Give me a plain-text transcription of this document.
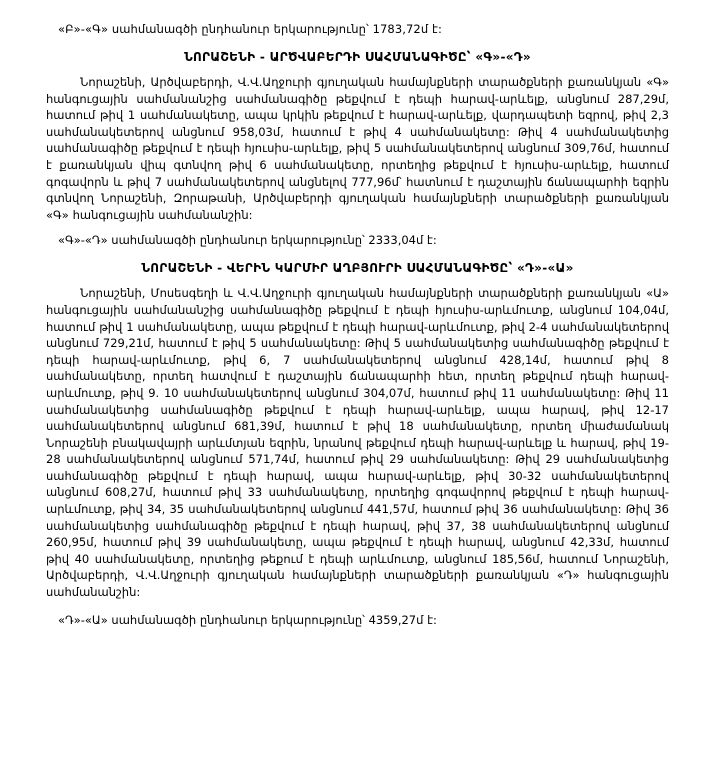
«Բ»-«Գ» սահմանագծի ընդհանուր երկարությունը՝ 1783,72մ է:

ՆՈՐԱՇԵՆԻ - ԱՐԾՎԱԲԵՐԴԻ ՍԱՀՄԱՆԱԳԻԾԸ՝ «Գ»-«Դ»

Նորաշենի, Արծվաբերդի, Վ.Վ.Աղջուրի գյուղական համայնքների տարածքների քառանկյան «Գ» հանգուցային սահմանանշից սահմանագիծը թեքվում է դեպի հարավ-արևելք, անցնում 287,29մ, հատում թիվ 1 սահմանակետը, ապա կրկին թեքվում է հարավ-արևելք, վարդապետի եզրով, թիվ 2,3 սահմանակետերով անցնում 958,03մ, հատում է թիվ 4 սահմանակետը: Թիվ 4 սահմանակետից սահմանագիծը թեքվում է դեպի հյուսիս-արևելք, թիվ 5 սահմանակետերով անցնում 309,76մ, հատում է քառանկյան վիպ գտնվող թիվ 6 սահմանակետը, որտեղից թեքվում է հյուսիս-արևելք, հատում գոգավորն և թիվ 7 սահմանակետերով անցնելով 777,96մ՝ հատնում է դաշտային ճանապարհի եզրին գտնվող Նորաշենի, Զորաթանի, Արծվաբերդի գյուղական համայնքների տարածքների քառանկյան «Գ» հանգուցային սահմանանշին:

«Գ»-«Դ» սահմանագծի ընդհանուր երկարությունը՝ 2333,04մ է:

ՆՈՐԱՇԵՆԻ - ՎԵՐԻՆ ԿԱՐՄԻՐ ԱՂԲՅՈՒՐԻ ՍԱՀՄԱՆԱԳԻԾԸ՝ «Դ»-«Ա»

Նորաշենի, Մոսեսգեղի և Վ.Վ.Աղջուրի գյուղական համայնքների տարածքների քառանկյան «Ա» հանգուցային սահմանանշից սահմանագիծը թեքվում է դեպի հյուսիս-արևմուտք, անցնում 104,04մ, հատում թիվ 1 սահմանակետը, ապա թեքվում է դեպի հարավ-արևմուտք, թիվ 2-4 սահմանակետերով անցնում 729,21մ, հատում է թիվ 5 սահմանակետը: Թիվ 5 սահմանակետից սահմանագիծը թեքվում է դեպի հարավ-արևմուտք, թիվ 6, 7 սահմանակետերով անցնում 428,14մ, հատում թիվ 8 սահմանակետը, որտեղ հատվում է դաշտային ճանապարհի հետ, որտեղ թեքվում դեպի հարավ-արևմուտք, թիվ 9. 10 սահմանակետերով անցնում 304,07մ, հատում թիվ 11 սահմանակետը: Թիվ 11 սահմանակետից սահմանագիծը թեքվում է դեպի հարավ-արևելք, ապա հարավ, թիվ 12-17 սահմանակետերով անցնում 681,39մ, հատում է թիվ 18 սահմանակետը, որտեղ միաժամանակ Նորաշենի բնակավայրի արևմտյան եզրին, նրանով թեքվում դեպի հարավ-արևելք և հարավ, թիվ 19-28 սահմանակետերով անցնում 571,74մ, հատում թիվ 29 սահմանակետը: Թիվ 29 սահմանակետից սահմանագիծը թեքվում է դեպի հարավ, ապա հարավ-արևելք, թիվ 30-32 սահմանակետերով անցնում 608,27մ, հատում թիվ 33 սահմանակետը, որտեղից գոգավորով թեքվում է դեպի հարավ-արևմուտք, թիվ 34, 35 սահմանակետերով անցնում 441,57մ, հատում թիվ 36 սահմանակետը: Թիվ 36 սահմանակետից սահմանագիծը թեքվում է դեպի հարավ, թիվ 37, 38 սահմանակետերով անցնում 260,95մ, հատում թիվ 39 սահմանակետը, ապա թեքվում է դեպի հարավ, անցնում 42,33մ, հատում թիվ 40 սահմանակետը, որտեղից թեքում է դեպի արևմուտք, անցնում 185,56մ, հատում Նորաշենի, Արծվաբերդի, Վ.Վ.Աղջուրի գյուղական համայնքների տարածքների քառանկյան «Դ» հանգուցային սահմանանշին:

«Դ»-«Ա» սահմանագծի ընդհանուր երկարությունը՝ 4359,27մ է:
